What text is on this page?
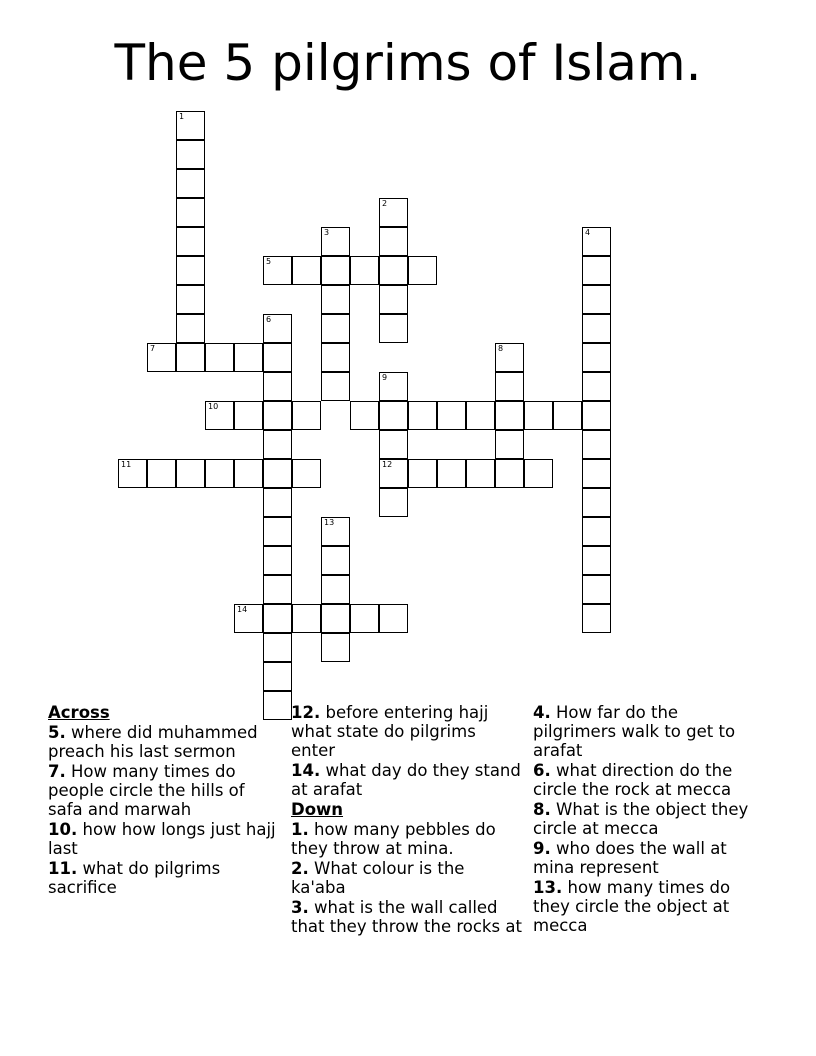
The 5 pilgrims of Islam.
1
2
3	4
5
6
7	8
9
12
10
11
13
14
Across
5. where did muhammed preach his last sermon
7. How many times do people circle the hills of safa and marwah
10. how how longs just hajj last
11. what do pilgrims sacrifice
12. before entering hajj what state do pilgrims enter
14. what day do they stand at arafat
Down
1. how many pebbles do they throw at mina.
2. What colour is the ka'aba
3. what is the wall called that they throw the rocks at
4. How far do the pilgrimers walk to get to arafat
6. what direction do the circle the rock at mecca
8. What is the object they circle at mecca
9. who does the wall at mina represent
13. how many times do they circle the object at mecca
